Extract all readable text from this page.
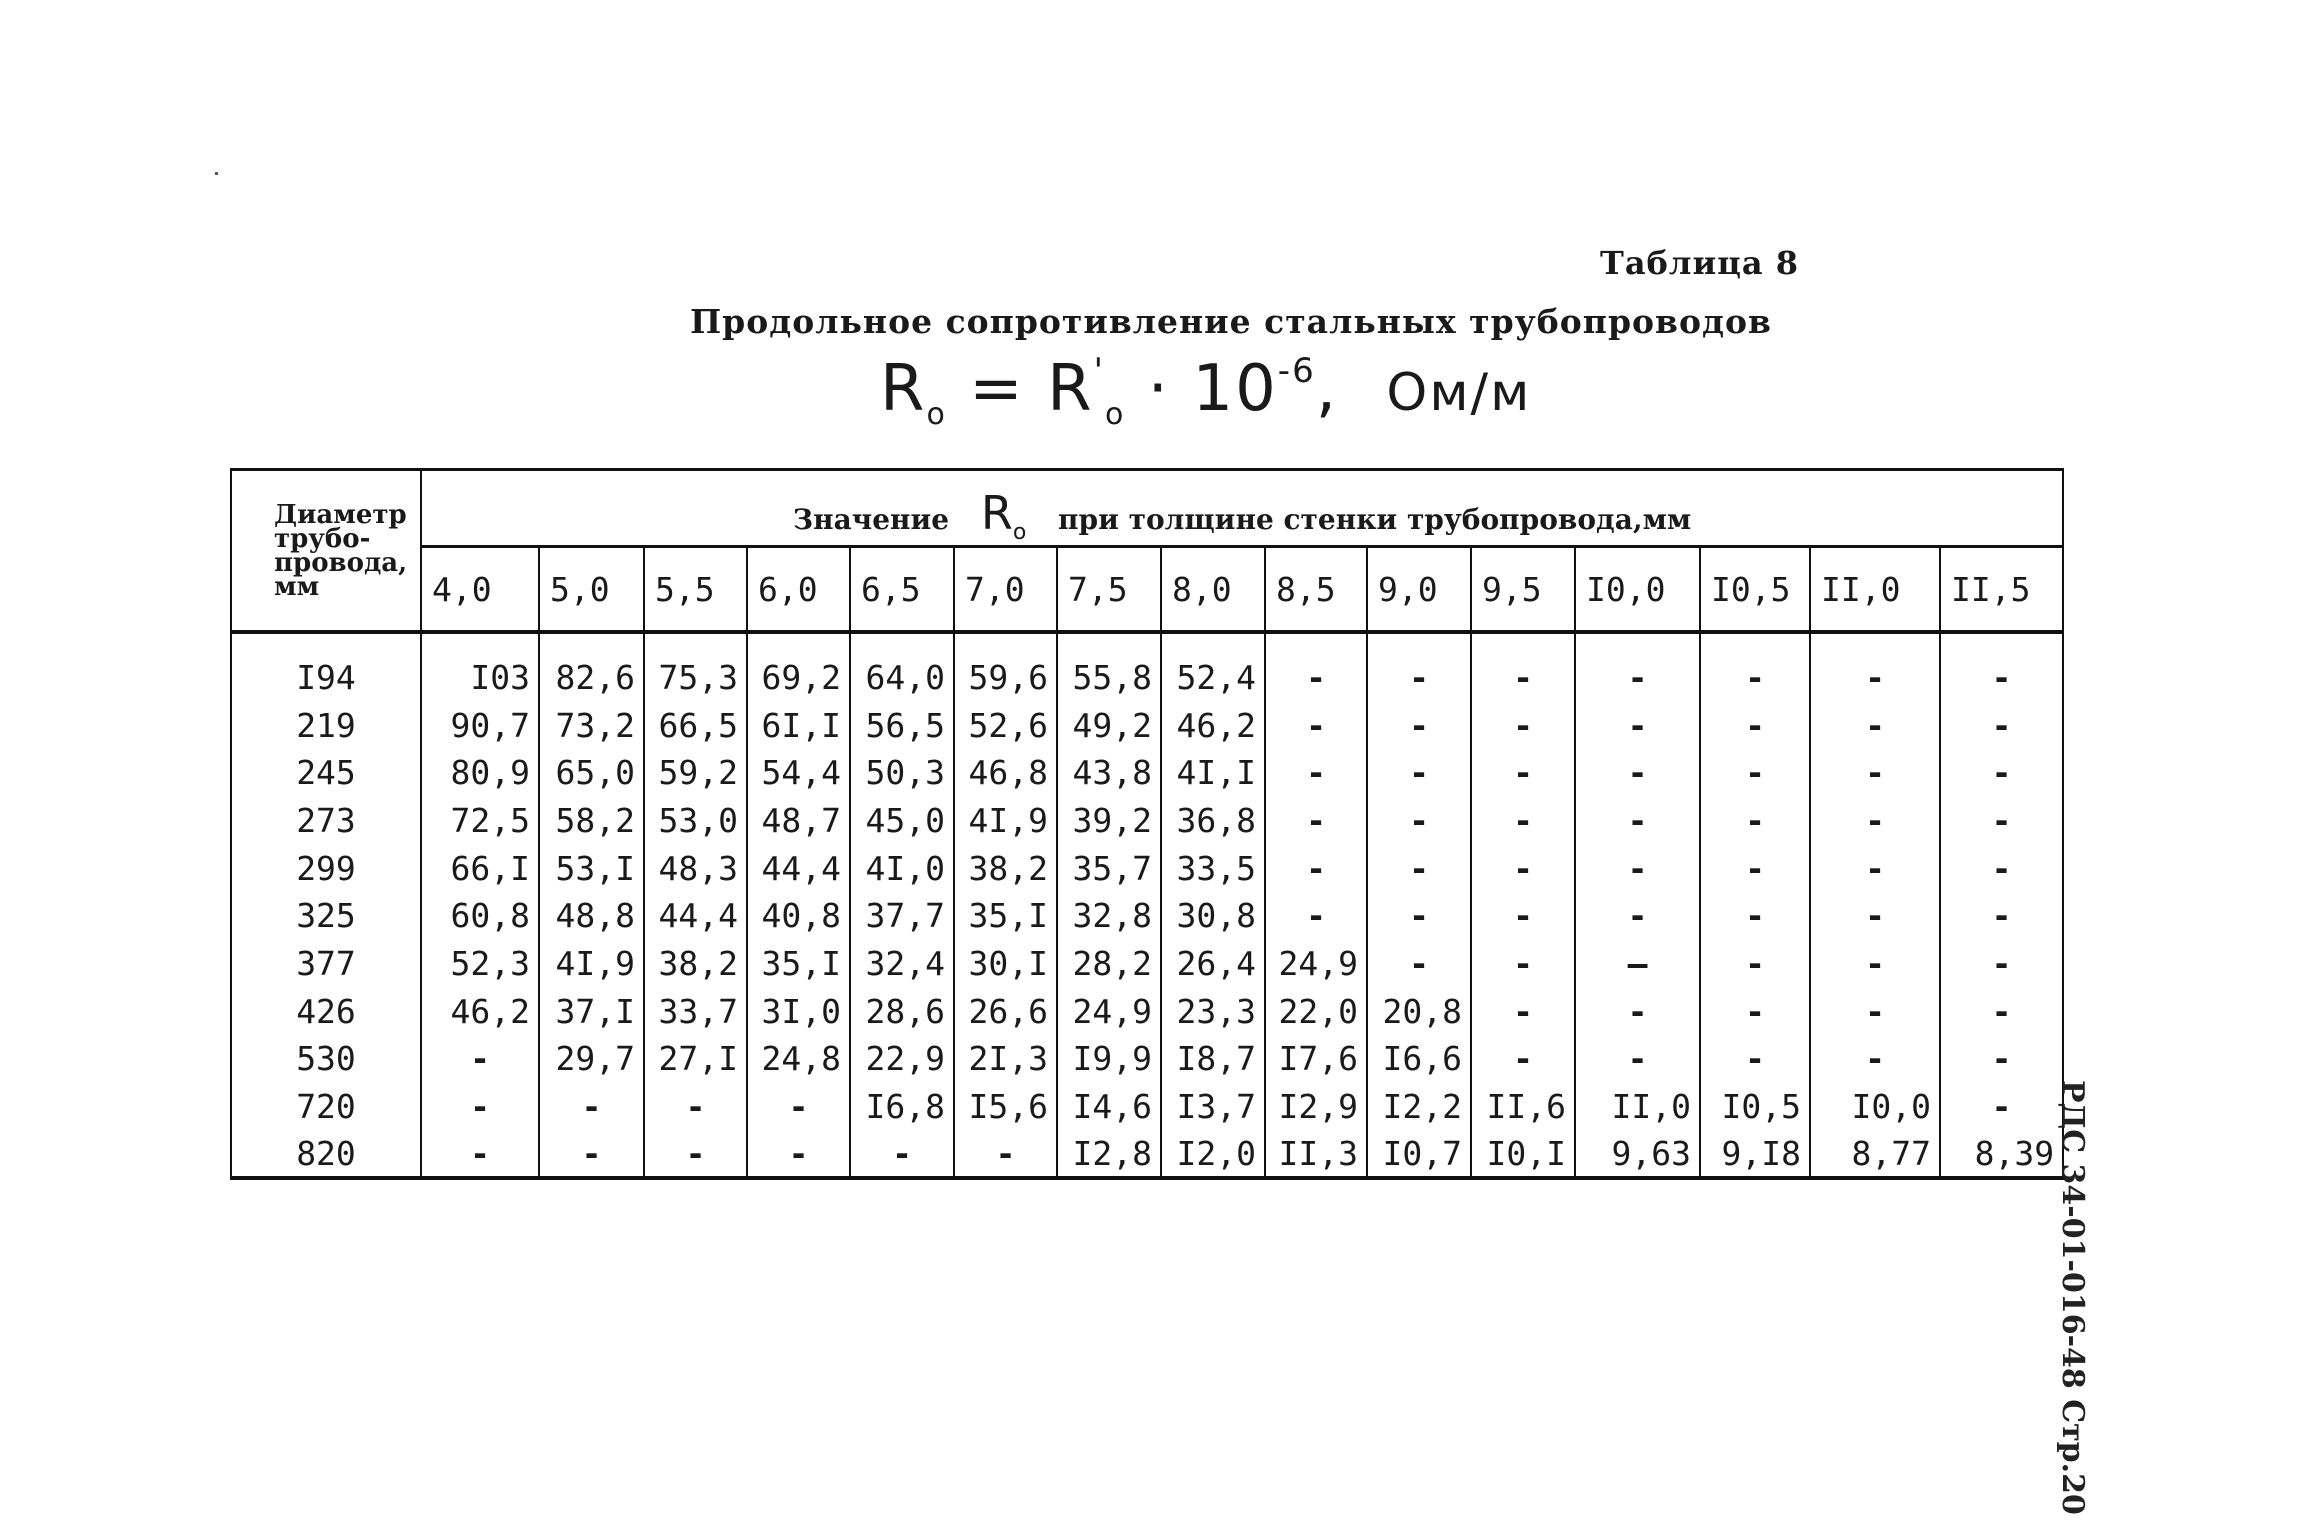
Таблица 8
Продольное сопротивление стальных трубопроводов
$R_o = R'_o \cdot 10^{-6}$, Ом/м
Диаметр трубо-провода, мм	Значение $R_o$ при толщине стенки трубопровода,мм														
	4,0	5,0	5,5	6,0	6,5	7,0	7,5	8,0	8,5	9,0	9,5	I0,0	I0,5	II,0	II,5

I94	I03	82,6	75,3	69,2	64,0	59,6	55,8	52,4	-	-	-	-	-	-	-
219	90,7	73,2	66,5	6I,I	56,5	52,6	49,2	46,2	-	-	-	-	-	-	-
245	80,9	65,0	59,2	54,4	50,3	46,8	43,8	4I,I	-	-	-	-	-	-	-
273	72,5	58,2	53,0	48,7	45,0	4I,9	39,2	36,8	-	-	-	-	-	-	-
299	66,I	53,I	48,3	44,4	4I,0	38,2	35,7	33,5	-	-	-	-	-	-	-
325	60,8	48,8	44,4	40,8	37,7	35,I	32,8	30,8	-	-	-	-	-	-	-
377	52,3	4I,9	38,2	35,I	32,4	30,I	28,2	26,4	24,9	-	-	—	-	-	-
426	46,2	37,I	33,7	3I,0	28,6	26,6	24,9	23,3	22,0	20,8	-	-	-	-	-
530	-	29,7	27,I	24,8	22,9	2I,3	I9,9	I8,7	I7,6	I6,6	-	-	-	-	-
720	-	-	-	-	I6,8	I5,6	I4,6	I3,7	I2,9	I2,2	II,6	II,0	I0,5	I0,0	-
820	-	-	-	-	-	-	I2,8	I2,0	II,3	I0,7	I0,I	9,63	9,I8	8,77	8,39 РДС 34-01-016-48 Стр.20
